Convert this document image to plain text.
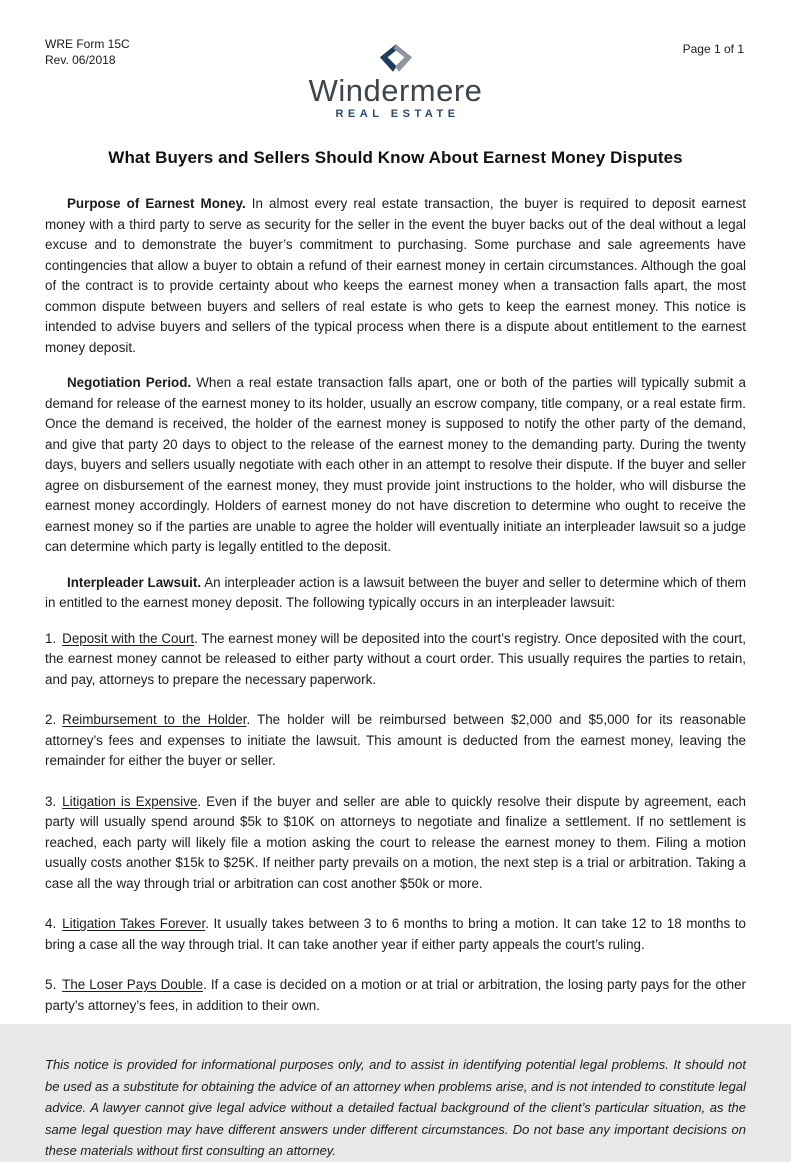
WRE Form 15C
Rev. 06/2018
Windermere
REAL ESTATE
Page 1 of 1
What Buyers and Sellers Should Know About Earnest Money Disputes

Purpose of Earnest Money. In almost every real estate transaction, the buyer is required to deposit earnest money with a third party to serve as security for the seller in the event the buyer backs out of the deal without a legal excuse and to demonstrate the buyer’s commitment to purchasing. Some purchase and sale agreements have contingencies that allow a buyer to obtain a refund of their earnest money in certain circumstances. Although the goal of the contract is to provide certainty about who keeps the earnest money when a transaction falls apart, the most common dispute between buyers and sellers of real estate is who gets to keep the earnest money. This notice is intended to advise buyers and sellers of the typical process when there is a dispute about entitlement to the earnest money deposit.

Negotiation Period. When a real estate transaction falls apart, one or both of the parties will typically submit a demand for release of the earnest money to its holder, usually an escrow company, title company, or a real estate firm. Once the demand is received, the holder of the earnest money is supposed to notify the other party of the demand, and give that party 20 days to object to the release of the earnest money to the demanding party. During the twenty days, buyers and sellers usually negotiate with each other in an attempt to resolve their dispute. If the buyer and seller agree on disbursement of the earnest money, they must provide joint instructions to the holder, who will disburse the earnest money accordingly. Holders of earnest money do not have discretion to determine who ought to receive the earnest money so if the parties are unable to agree the holder will eventually initiate an interpleader lawsuit so a judge can determine which party is legally entitled to the deposit.

Interpleader Lawsuit. An interpleader action is a lawsuit between the buyer and seller to determine which of them in entitled to the earnest money deposit. The following typically occurs in an interpleader lawsuit:

1. Deposit with the Court. The earnest money will be deposited into the court’s registry. Once deposited with the court, the earnest money cannot be released to either party without a court order. This usually requires the parties to retain, and pay, attorneys to prepare the necessary paperwork.

2. Reimbursement to the Holder. The holder will be reimbursed between $2,000 and $5,000 for its reasonable attorney’s fees and expenses to initiate the lawsuit. This amount is deducted from the earnest money, leaving the remainder for either the buyer or seller.

3. Litigation is Expensive. Even if the buyer and seller are able to quickly resolve their dispute by agreement, each party will usually spend around $5k to $10K on attorneys to negotiate and finalize a settlement. If no settlement is reached, each party will likely file a motion asking the court to release the earnest money to them. Filing a motion usually costs another $15k to $25K. If neither party prevails on a motion, the next step is a trial or arbitration. Taking a case all the way through trial or arbitration can cost another $50k or more.

4. Litigation Takes Forever. It usually takes between 3 to 6 months to bring a motion. It can take 12 to 18 months to bring a case all the way through trial. It can take another year if either party appeals the court’s ruling.

5. The Loser Pays Double. If a case is decided on a motion or at trial or arbitration, the losing party pays for the other party’s attorney’s fees, in addition to their own.

This notice is provided for informational purposes only, and to assist in identifying potential legal problems. It should not be used as a substitute for obtaining the advice of an attorney when problems arise, and is not intended to constitute legal advice. A lawyer cannot give legal advice without a detailed factual background of the client’s particular situation, as the same legal question may have different answers under different circumstances. Do not base any important decisions on these materials without first consulting an attorney.
